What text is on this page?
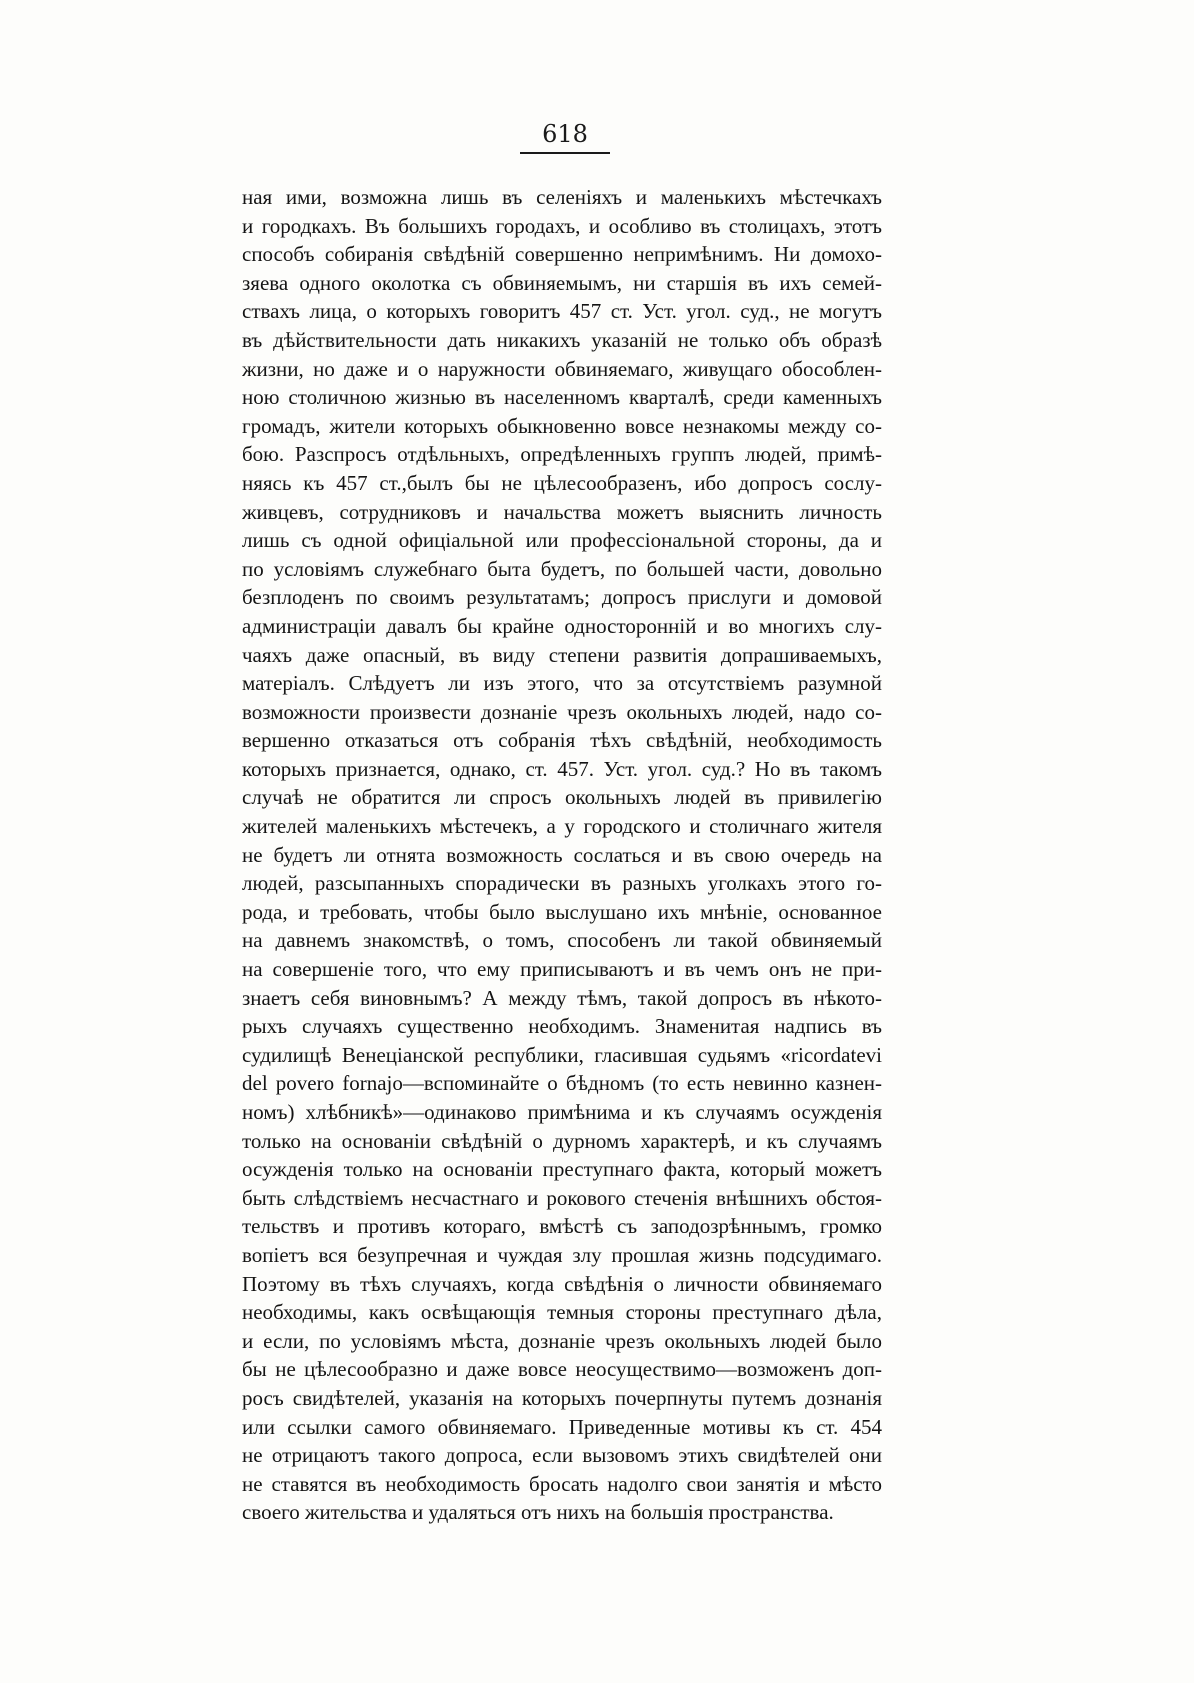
618
ная ими, возможна лишь въ селеніяхъ и маленькихъ мѣстечкахъ
и городкахъ. Въ большихъ городахъ, и особливо въ столицахъ, этотъ
способъ собиранія свѣдѣній совершенно непримѣнимъ. Ни домохо-
зяева одного околотка съ обвиняемымъ, ни старшія въ ихъ семей-
ствахъ лица, о которыхъ говоритъ 457 ст. Уст. угол. суд., не могутъ
въ дѣйствительности дать никакихъ указаній не только объ образѣ
жизни, но даже и о наружности обвиняемаго, живущаго обособлен-
ною столичною жизнью въ населенномъ кварталѣ, среди каменныхъ
громадъ, жители которыхъ обыкновенно вовсе незнакомы между со-
бою. Разспросъ отдѣльныхъ, опредѣленныхъ группъ людей, примѣ-
няясь къ 457 ст.,былъ бы не цѣлесообразенъ, ибо допросъ сослу-
живцевъ, сотрудниковъ и начальства можетъ выяснить личность
лишь съ одной офиціальной или профессіональной стороны, да и
по условіямъ служебнаго быта будетъ, по большей части, довольно
безплоденъ по своимъ результатамъ; допросъ прислуги и домовой
администраціи давалъ бы крайне односторонній и во многихъ слу-
чаяхъ даже опасный, въ виду степени развитія допрашиваемыхъ,
матеріалъ. Слѣдуетъ ли изъ этого, что за отсутствіемъ разумной
возможности произвести дознаніе чрезъ окольныхъ людей, надо со-
вершенно отказаться отъ собранія тѣхъ свѣдѣній, необходимость
которыхъ признается, однако, ст. 457. Уст. угол. суд.? Но въ такомъ
случаѣ не обратится ли спросъ окольныхъ людей въ привилегію
жителей маленькихъ мѣстечекъ, а у городского и столичнаго жителя
не будетъ ли отнята возможность сослаться и въ свою очередь на
людей, разсыпанныхъ спорадически въ разныхъ уголкахъ этого го-
рода, и требовать, чтобы было выслушано ихъ мнѣніе, основанное
на давнемъ знакомствѣ, о томъ, способенъ ли такой обвиняемый
на совершеніе того, что ему приписываютъ и въ чемъ онъ не при-
знаетъ себя виновнымъ? А между тѣмъ, такой допросъ въ нѣкото-
рыхъ случаяхъ существенно необходимъ. Знаменитая надпись въ
судилищѣ Венеціанской республики, гласившая судьямъ «ricordatevi
del povero fornajo—вспоминайте о бѣдномъ (то есть невинно казнен-
номъ) хлѣбникѣ»—одинаково примѣнима и къ случаямъ осужденія
только на основаніи свѣдѣній о дурномъ характерѣ, и къ случаямъ
осужденія только на основаніи преступнаго факта, который можетъ
быть слѣдствіемъ несчастнаго и рокового стеченія внѣшнихъ обстоя-
тельствъ и противъ котораго, вмѣстѣ съ заподозрѣннымъ, громко
вопіетъ вся безупречная и чуждая злу прошлая жизнь подсудимаго.
Поэтому въ тѣхъ случаяхъ, когда свѣдѣнія о личности обвиняемаго
необходимы, какъ освѣщающія темныя стороны преступнаго дѣла,
и если, по условіямъ мѣста, дознаніе чрезъ окольныхъ людей было
бы не цѣлесообразно и даже вовсе неосуществимо—возможенъ доп-
росъ свидѣтелей, указанія на которыхъ почерпнуты путемъ дознанія
или ссылки самого обвиняемаго. Приведенные мотивы къ ст. 454
не отрицаютъ такого допроса, если вызовомъ этихъ свидѣтелей они
не ставятся въ необходимость бросать надолго свои занятія и мѣсто
своего жительства и удаляться отъ нихъ на большія пространства.
